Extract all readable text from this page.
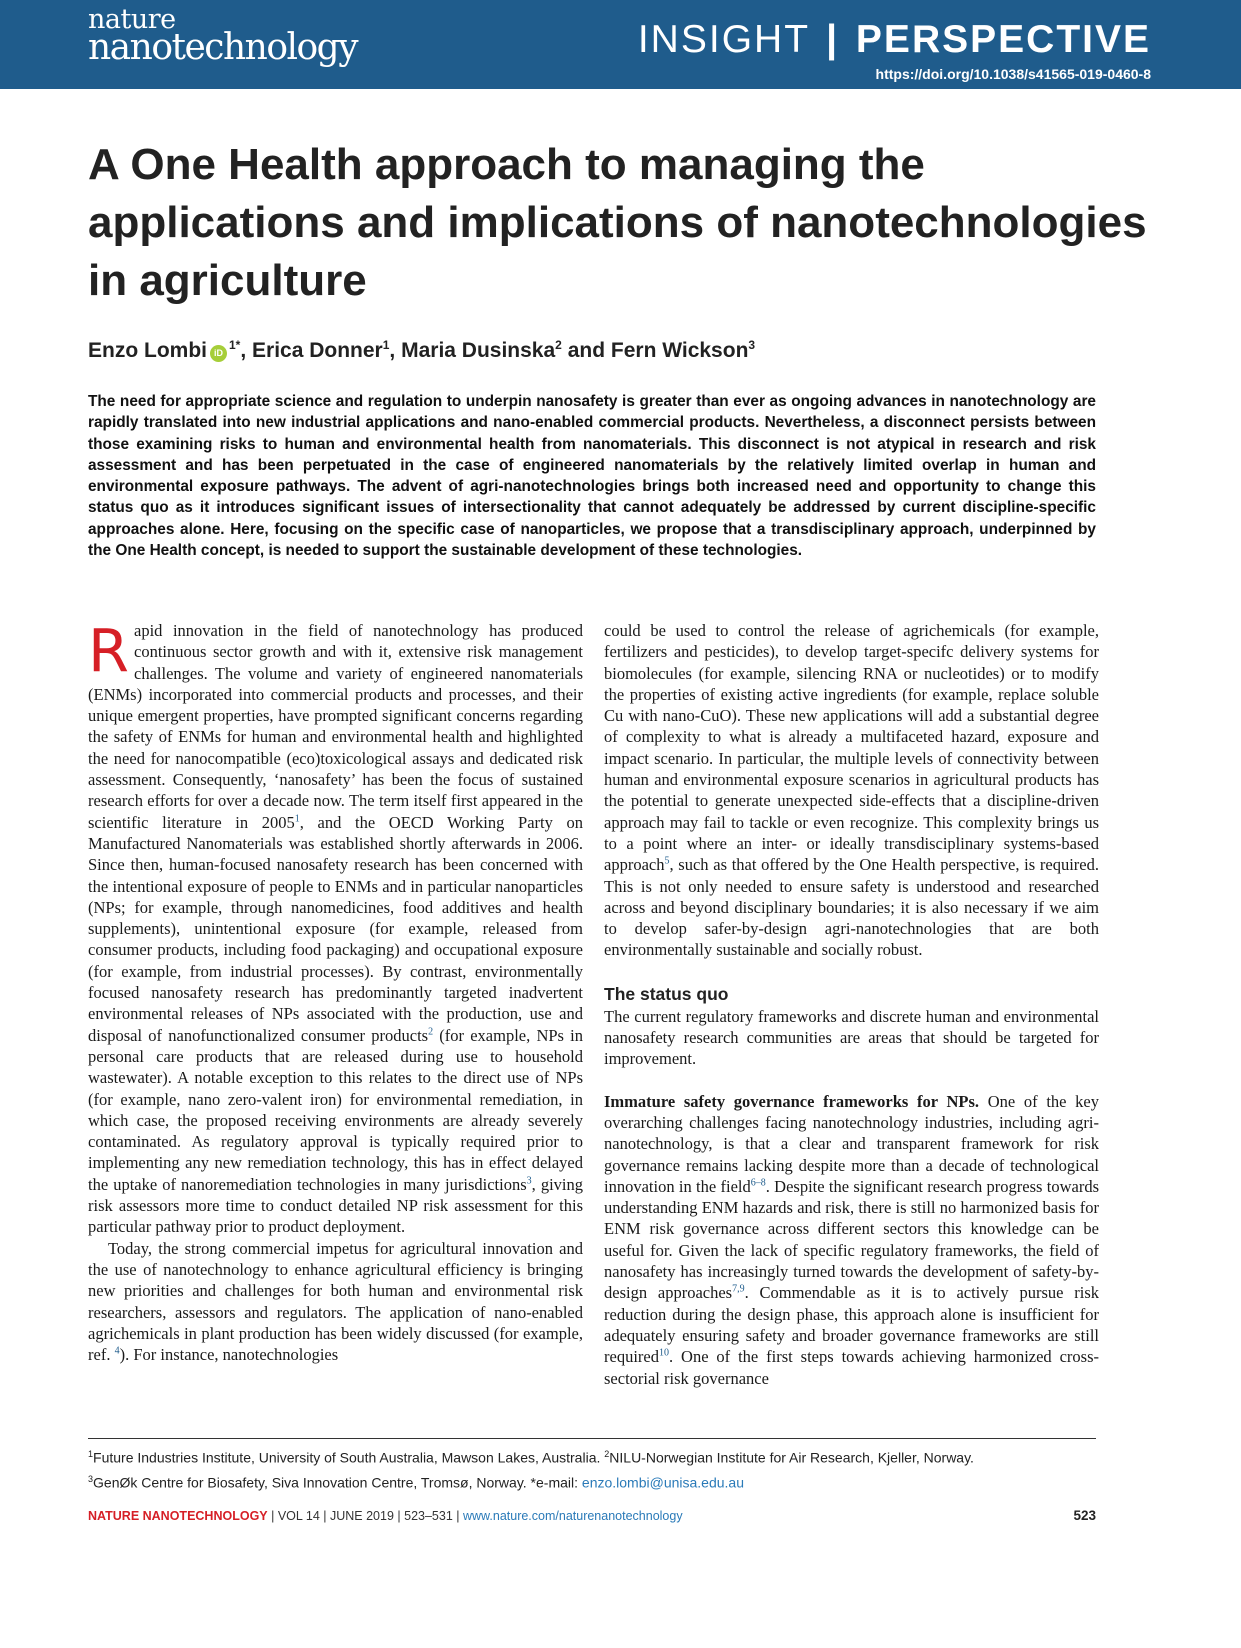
nature
nanotechnology	INSIGHT | PERSPECTIVE
https://doi.org/10.1038/s41565-019-0460-8
A One Health approach to managing the
applications and implications of nanotechnologies
in agriculture
Enzo Lombi $iD^{1*}$, Erica Donner$^1$, Maria Dusinska$^2$ and Fern Wickson$^3$

The need for appropriate science and regulation to underpin nanosafety is greater than ever as ongoing advances in nanotechnology are rapidly translated into new industrial applications and nano-enabled commercial products. Nevertheless, a disconnect persists between those examining risks to human and environmental health from nanomaterials. This disconnect is not atypical in research and risk assessment and has been perpetuated in the case of engineered nanomaterials by the relatively limited overlap in human and environmental exposure pathways. The advent of agri-nanotechnologies brings both increased need and opportunity to change this status quo as it introduces significant issues of intersectionality that cannot adequately be addressed by current discipline-specific approaches alone. Here, focusing on the specific case of nanoparticles, we propose that a transdisciplinary approach, underpinned by the One Health concept, is needed to support the sustainable development of these technologies.

Rapid innovation in the field of nanotechnology has produced continuous sector growth and with it, extensive risk management challenges. The volume and variety of engineered nanomaterials (ENMs) incorporated into commercial products and processes, and their unique emergent properties, have prompted significant concerns regarding the safety of ENMs for human and environmental health and highlighted the need for nanocompatible (eco)toxicological assays and dedicated risk assessment. Consequently, ‘nanosafety’ has been the focus of sustained research efforts for over a decade now. The term itself first appeared in the scientific literature in 2005$^1$, and the OECD Working Party on Manufactured Nanomaterials was established shortly afterwards in 2006. Since then, human-focused nanosafety research has been concerned with the intentional exposure of people to ENMs and in particular nanoparticles (NPs; for example, through nanomedicines, food additives and health supplements), unintentional exposure (for example, released from consumer products, including food packaging) and occupational exposure (for example, from industrial processes). By contrast, environmentally focused nanosafety research has predominantly targeted inadvertent environmental releases of NPs associated with the production, use and disposal of nanofunctionalized consumer products$^2$ (for example, NPs in personal care products that are released during use to household wastewater). A notable exception to this relates to the direct use of NPs (for example, nano zero-valent iron) for environmental remediation, in which case, the proposed receiving environments are already severely contaminated. As regulatory approval is typically required prior to implementing any new remediation technology, this has in effect delayed the uptake of nanoremediation technologies in many jurisdictions$^3$, giving risk assessors more time to conduct detailed NP risk assessment for this particular pathway prior to product deployment.

Today, the strong commercial impetus for agricultural innovation and the use of nanotechnology to enhance agricultural efficiency is bringing new priorities and challenges for both human and environmental risk researchers, assessors and regulators. The application of nano-enabled agrichemicals in plant production has been widely discussed (for example, ref. $^4$). For instance, nanotechnologies

could be used to control the release of agrichemicals (for example, fertilizers and pesticides), to develop target-specifc delivery systems for biomolecules (for example, silencing RNA or nucleotides) or to modify the properties of existing active ingredients (for example, replace soluble Cu with nano-CuO). These new applications will add a substantial degree of complexity to what is already a multifaceted hazard, exposure and impact scenario. In particular, the multiple levels of connectivity between human and environmental exposure scenarios in agricultural products has the potential to generate unexpected side-effects that a discipline-driven approach may fail to tackle or even recognize. This complexity brings us to a point where an inter- or ideally transdisciplinary systems-based approach$^5$, such as that offered by the One Health perspective, is required. This is not only needed to ensure safety is understood and researched across and beyond disciplinary boundaries; it is also necessary if we aim to develop safer-by-design agri-nanotechnologies that are both environmentally sustainable and socially robust.

The status quo

The current regulatory frameworks and discrete human and environmental nanosafety research communities are areas that should be targeted for improvement.

Immature safety governance frameworks for NPs. One of the key overarching challenges facing nanotechnology industries, including agri-nanotechnology, is that a clear and transparent framework for risk governance remains lacking despite more than a decade of technological innovation in the field$^{6-8}$. Despite the significant research progress towards understanding ENM hazards and risk, there is still no harmonized basis for ENM risk governance across different sectors this knowledge can be useful for. Given the lack of specific regulatory frameworks, the field of nanosafety has increasingly turned towards the development of safety-by-design approaches$^{7,9}$. Commendable as it is to actively pursue risk reduction during the design phase, this approach alone is insufficient for adequately ensuring safety and broader governance frameworks are still required$^{10}$. One of the first steps towards achieving harmonized cross-sectorial risk governance

$^1$Future Industries Institute, University of South Australia, Mawson Lakes, Australia. $^2$NILU-Norwegian Institute for Air Research, Kjeller, Norway.
$^3$GenØk Centre for Biosafety, Siva Innovation Centre, Tromsø, Norway. *e-mail: enzo.lombi@unisa.edu.au
NATURE NANOTECHNOLOGY | VOL 14 | JUNE 2019 | 523–531 | www.nature.com/naturenanotechnology	523
